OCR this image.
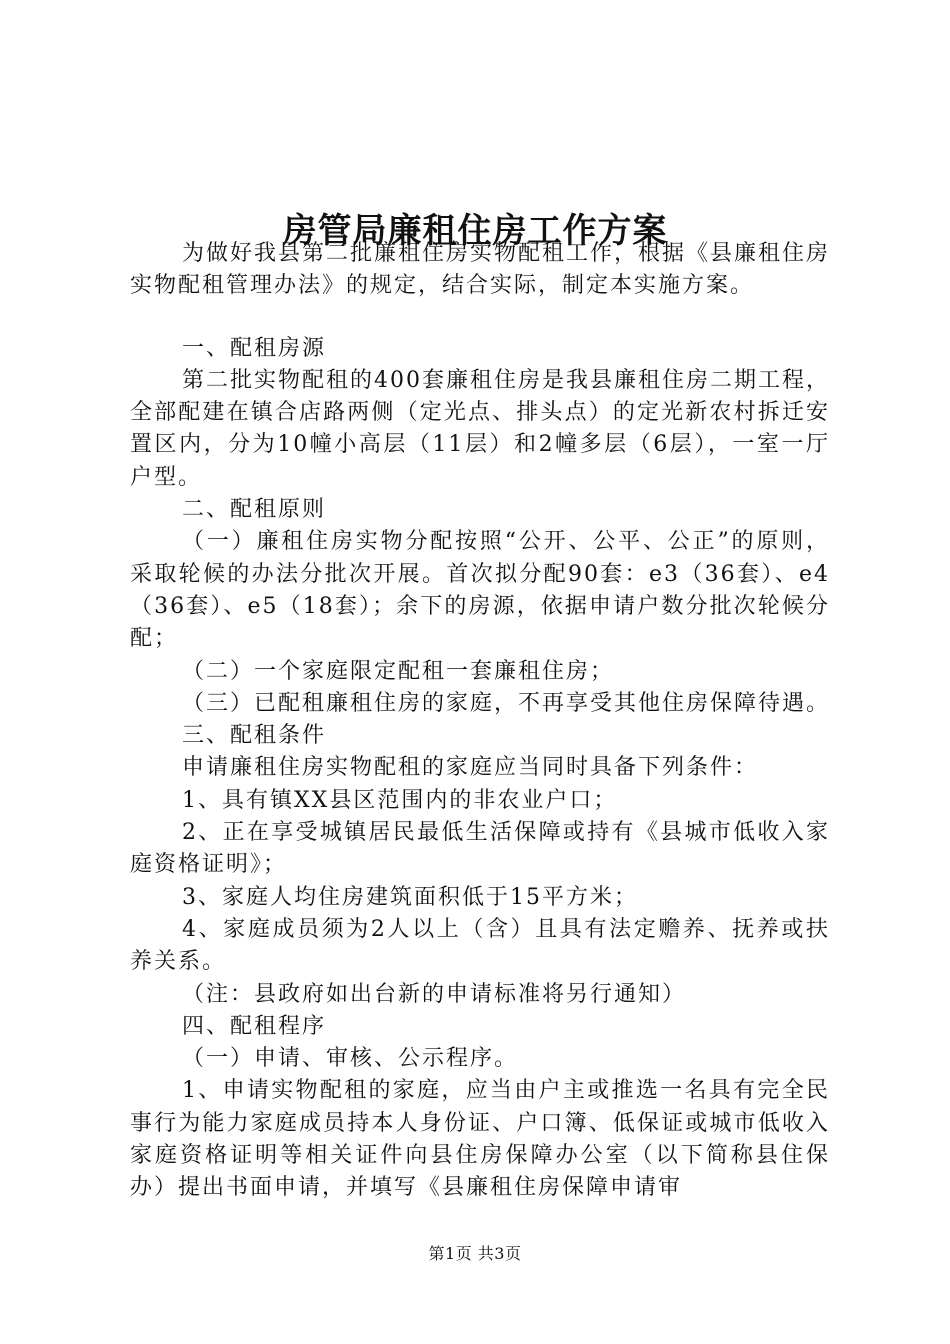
房管局廉租住房工作方案

为做好我县第二批廉租住房实物配租工作，根据《县廉租住房实物配租管理办法》的规定，结合实际，制定本实施方案。

一、配租房源

第二批实物配租的400套廉租住房是我县廉租住房二期工程，全部配建在镇合店路两侧（定光点、排头点）的定光新农村拆迁安置区内，分为10幢小高层（11层）和2幢多层（6层），一室一厅户型。

二、配租原则

（一）廉租住房实物分配按照“公开、公平、公正”的原则，采取轮候的办法分批次开展。首次拟分配90套：e3（36套）、e4（36套）、e5（18套）；余下的房源，依据申请户数分批次轮候分配；

（二）一个家庭限定配租一套廉租住房；

（三）已配租廉租住房的家庭，不再享受其他住房保障待遇。

三、配租条件

申请廉租住房实物配租的家庭应当同时具备下列条件：

1、具有镇XX县区范围内的非农业户口；

2、正在享受城镇居民最低生活保障或持有《县城市低收入家庭资格证明》；

3、家庭人均住房建筑面积低于15平方米；

4、家庭成员须为2人以上（含）且具有法定赡养、抚养或扶养关系。

（注：县政府如出台新的申请标准将另行通知）

四、配租程序

（一）申请、审核、公示程序。

1、申请实物配租的家庭，应当由户主或推选一名具有完全民事行为能力家庭成员持本人身份证、户口簿、低保证或城市低收入家庭资格证明等相关证件向县住房保障办公室（以下简称县住保办）提出书面申请，并填写《县廉租住房保障申请审

第1页 共3页
